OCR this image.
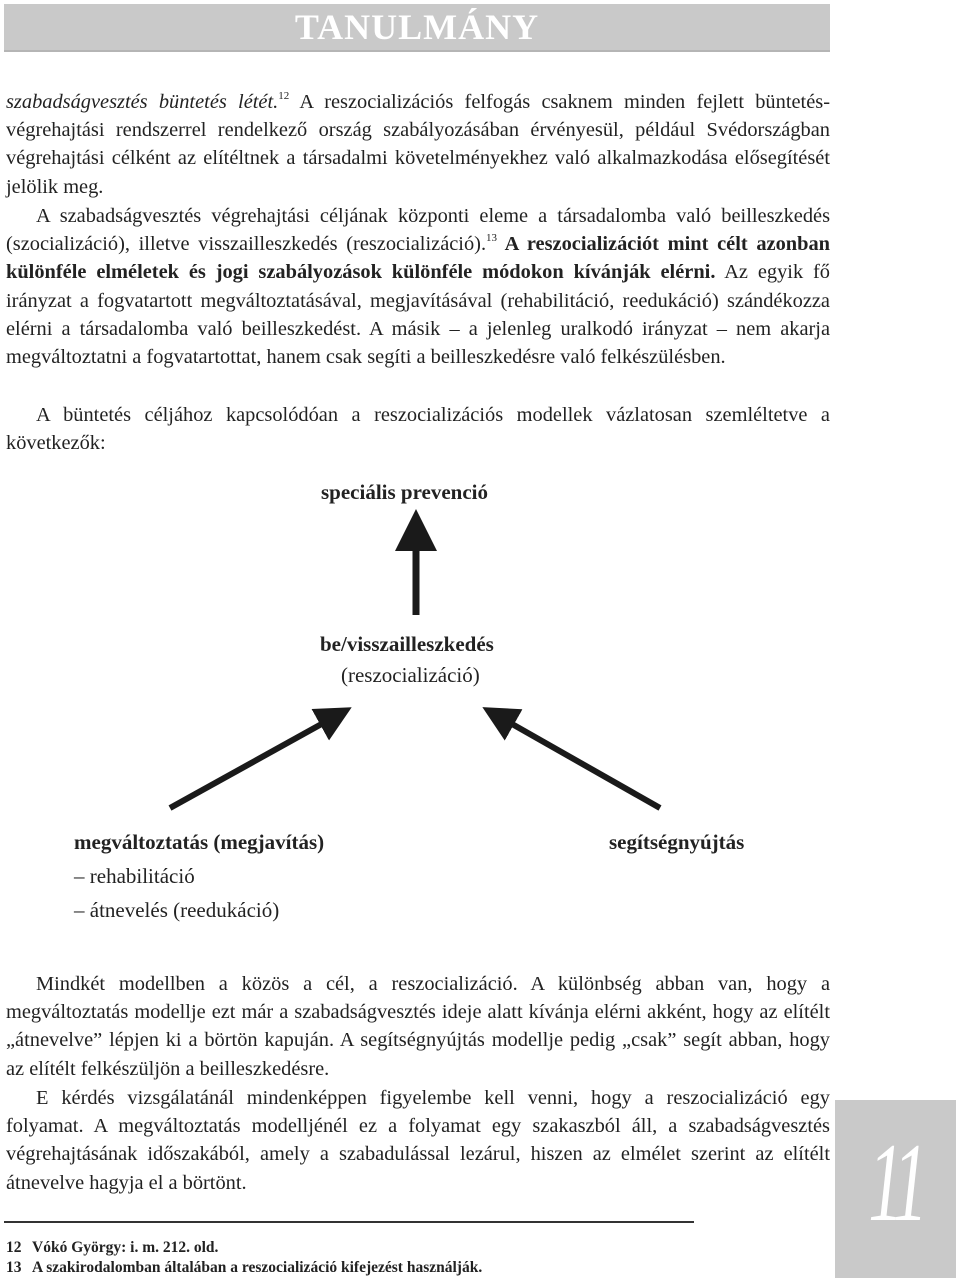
TANULMÁNY

szabadságvesztés büntetés létét.$^{12}$ A reszocializációs felfogás csaknem minden fejlett büntetés-végrehajtási rendszerrel rendelkező ország szabályozásában érvényesül, például Svédországban végrehajtási célként az elítéltnek a társadalmi követelményekhez való alkalmazkodása elősegítését jelölik meg.

A szabadságvesztés végrehajtási céljának központi eleme a társadalomba való beilleszkedés (szocializáció), illetve visszailleszkedés (reszocializáció).$^{13}$ A reszocializációt mint célt azonban különféle elméletek és jogi szabályozások különféle módokon kívánják elérni. Az egyik fő irányzat a fogvatartott megváltoztatásával, megjavításával (rehabilitáció, reedukáció) szándékozza elérni a társadalomba való beilleszkedést. A másik – a jelenleg uralkodó irányzat – nem akarja megváltoztatni a fogvatartottat, hanem csak segíti a beilleszkedésre való felkészülésben.

A büntetés céljához kapcsolódóan a reszocializációs modellek vázlatosan szemléltetve a következők:

speciális prevenció
be/visszailleszkedés
(reszocializáció)
megváltoztatás (megjavítás)
– rehabilitáció
– átnevelés (reedukáció)
segítségnyújtás

Mindkét modellben a közös a cél, a reszocializáció. A különbség abban van, hogy a megváltoztatás modellje ezt már a szabadságvesztés ideje alatt kívánja elérni akként, hogy az elítélt „átnevelve” lépjen ki a börtön kapuján. A segítségnyújtás modellje pedig „csak” segít abban, hogy az elítélt felkészüljön a beilleszkedésre.

E kérdés vizsgálatánál mindenképpen figyelembe kell venni, hogy a reszocializáció egy folyamat. A megváltoztatás modelljénél ez a folyamat egy szakaszból áll, a szabadságvesztés végrehajtásának időszakából, amely a szabadulással lezárul, hiszen az elmélet szerint az elítélt átnevelve hagyja el a börtönt.

12 Vókó György: i. m. 212. old.
13 A szakirodalomban általában a reszocializáció kifejezést használják.
11
